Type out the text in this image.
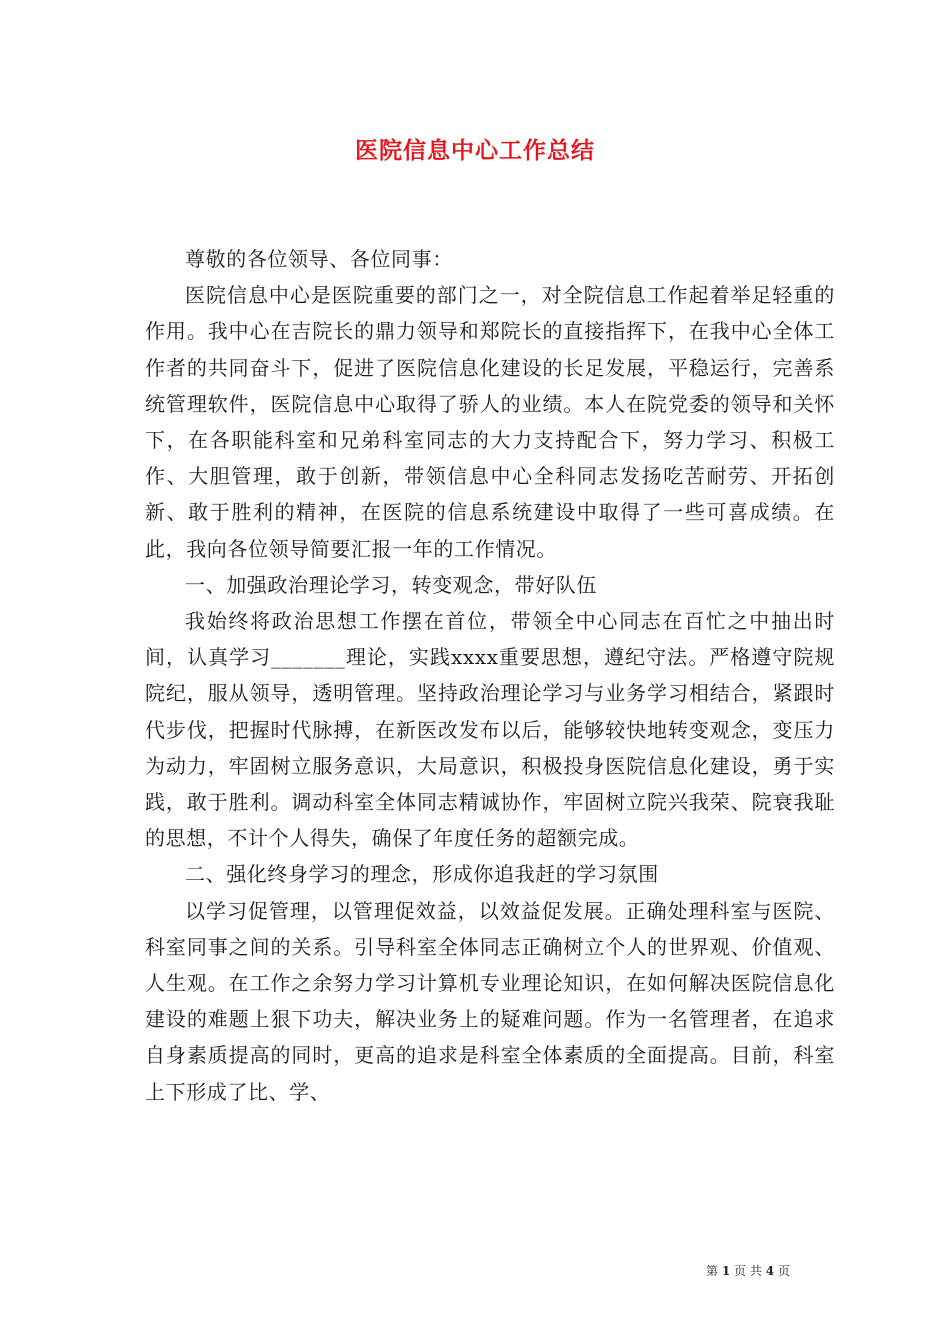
医院信息中心工作总结

尊敬的各位领导、各位同事：

医院信息中心是医院重要的部门之一，对全院信息工作起着举足轻重的作用。我中心在吉院长的鼎力领导和郑院长的直接指挥下，在我中心全体工作者的共同奋斗下，促进了医院信息化建设的长足发展，平稳运行，完善系统管理软件，医院信息中心取得了骄人的业绩。本人在院党委的领导和关怀下，在各职能科室和兄弟科室同志的大力支持配合下，努力学习、积极工作、大胆管理，敢于创新，带领信息中心全科同志发扬吃苦耐劳、开拓创新、敢于胜利的精神，在医院的信息系统建设中取得了一些可喜成绩。在此，我向各位领导简要汇报一年的工作情况。

一、加强政治理论学习，转变观念，带好队伍

我始终将政治思想工作摆在首位，带领全中心同志在百忙之中抽出时间，认真学习_______理论，实践xxxx重要思想，遵纪守法。严格遵守院规院纪，服从领导，透明管理。坚持政治理论学习与业务学习相结合，紧跟时代步伐，把握时代脉搏，在新医改发布以后，能够较快地转变观念，变压力为动力，牢固树立服务意识，大局意识，积极投身医院信息化建设，勇于实践，敢于胜利。调动科室全体同志精诚协作，牢固树立院兴我荣、院衰我耻的思想，不计个人得失，确保了年度任务的超额完成。

二、强化终身学习的理念，形成你追我赶的学习氛围

以学习促管理，以管理促效益，以效益促发展。正确处理科室与医院、科室同事之间的关系。引导科室全体同志正确树立个人的世界观、价值观、人生观。在工作之余努力学习计算机专业理论知识，在如何解决医院信息化建设的难题上狠下功夫，解决业务上的疑难问题。作为一名管理者，在追求自身素质提高的同时，更高的追求是科室全体素质的全面提高。目前，科室上下形成了比、学、

第 1 页 共 4 页
